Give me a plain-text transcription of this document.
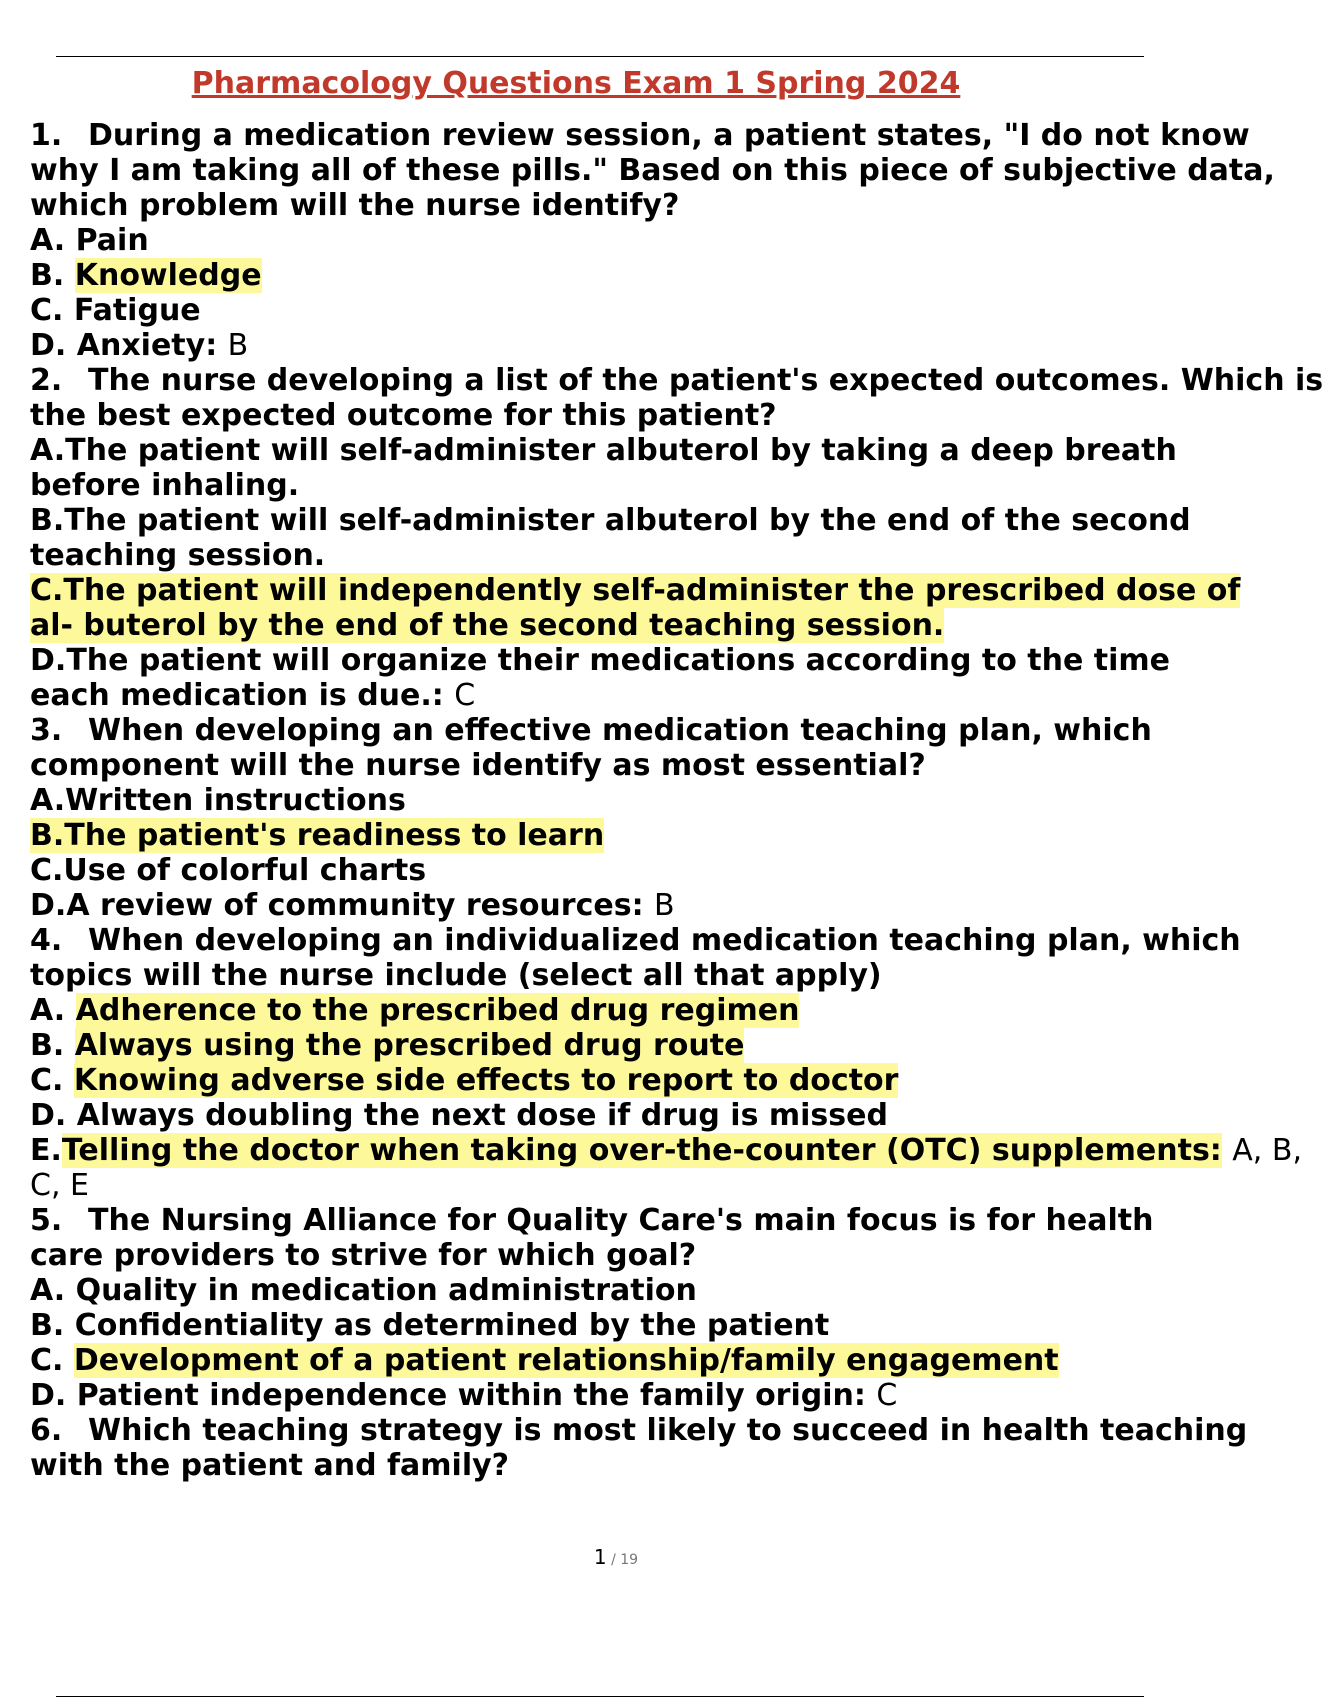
Pharmacology Questions Exam 1 Spring 2024
1. During a medication review session, a patient states, "I do not know
why I am taking all of these pills." Based on this piece of subjective data,
which problem will the nurse identify?
A. Pain
B. Knowledge
C. Fatigue
D. Anxiety: B
2. The nurse developing a list of the patient's expected outcomes. Which is
the best expected outcome for this patient?
A.The patient will self-administer albuterol by taking a deep breath
before inhaling.
B.The patient will self-administer albuterol by the end of the second
teaching session.
C.The patient will independently self-administer the prescribed dose of
al- buterol by the end of the second teaching session.
D.The patient will organize their medications according to the time
each medication is due.: C
3. When developing an effective medication teaching plan, which
component will the nurse identify as most essential?
A.Written instructions
B.The patient's readiness to learn
C.Use of colorful charts
D.A review of community resources: B
4. When developing an individualized medication teaching plan, which
topics will the nurse include (select all that apply)
A. Adherence to the prescribed drug regimen
B. Always using the prescribed drug route
C. Knowing adverse side effects to report to doctor
D. Always doubling the next dose if drug is missed
E.Telling the doctor when taking over-the-counter (OTC) supplements: A, B,
C, E
5. The Nursing Alliance for Quality Care's main focus is for health
care providers to strive for which goal?
A. Quality in medication administration
B. Confidentiality as determined by the patient
C. Development of a patient relationship/family engagement
D. Patient independence within the family origin: C
6. Which teaching strategy is most likely to succeed in health teaching
with the patient and family?
1 / 19
